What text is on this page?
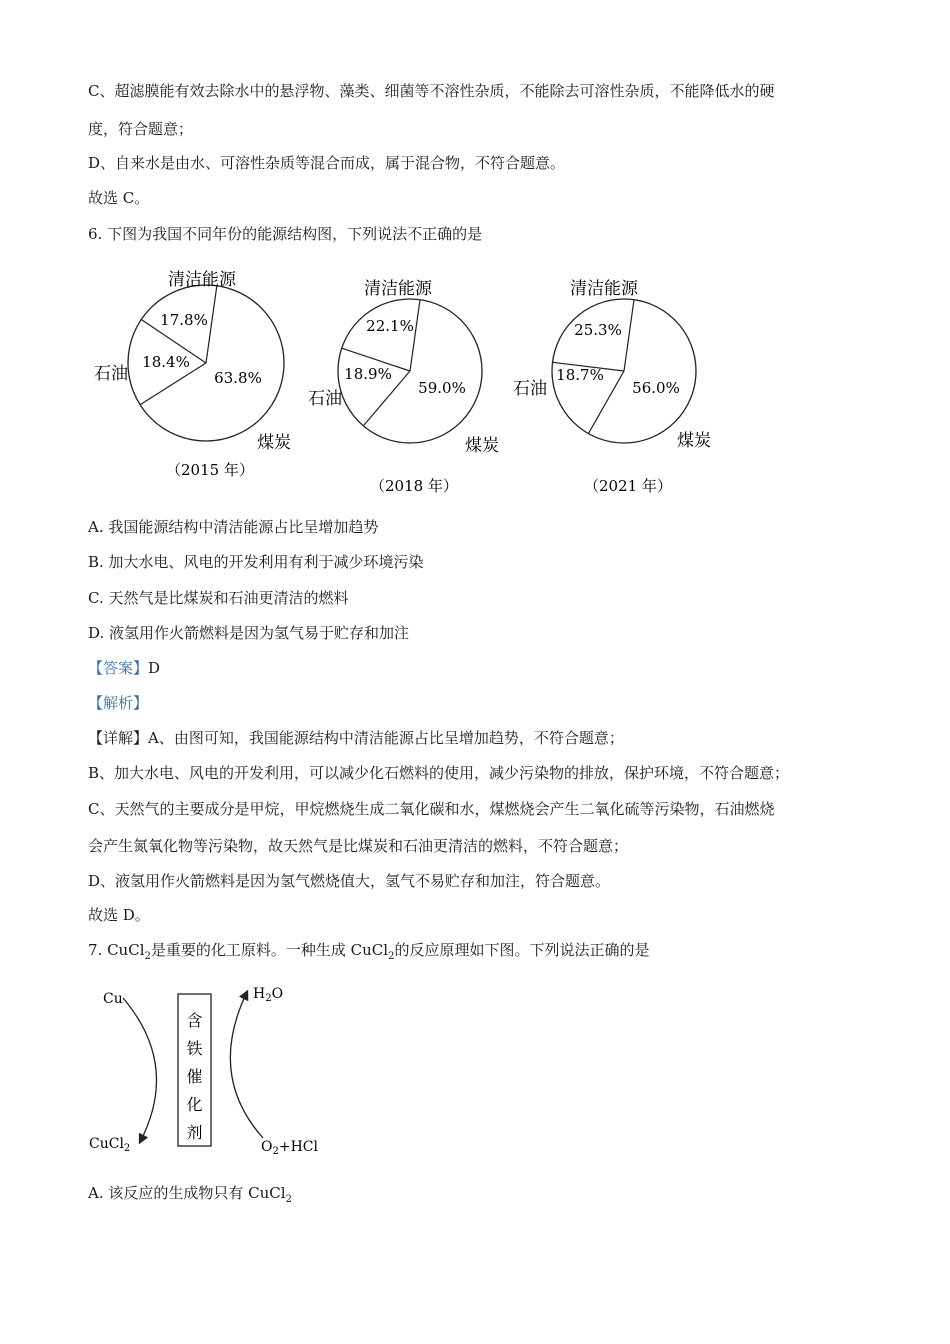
C、超滤膜能有效去除水中的悬浮物、藻类、细菌等不溶性杂质，不能除去可溶性杂质，不能降低水的硬
度，符合题意；
D、自来水是由水、可溶性杂质等混合而成，属于混合物，不符合题意。
故选 C。
6. 下图为我国不同年份的能源结构图，下列说法不正确的是
17.8%
18.4%
63.8%
清洁能源
石油
煤炭
（2015 年）
22.1%
18.9%
59.0%
清洁能源
石油
煤炭
（2018 年）
25.3%
18.7%
56.0%
清洁能源
石油
煤炭
（2021 年）
A. 我国能源结构中清洁能源占比呈增加趋势
B. 加大水电、风电的开发利用有利于减少环境污染
C. 天然气是比煤炭和石油更清洁的燃料
D. 液氢用作火箭燃料是因为氢气易于贮存和加注
【答案】D
【解析】
【详解】A、由图可知，我国能源结构中清洁能源占比呈增加趋势，不符合题意；
B、加大水电、风电的开发利用，可以减少化石燃料的使用，减少污染物的排放，保护环境，不符合题意；
C、天然气的主要成分是甲烷，甲烷燃烧生成二氧化碳和水，煤燃烧会产生二氧化硫等污染物，石油燃烧
会产生氮氧化物等污染物，故天然气是比煤炭和石油更清洁的燃料，不符合题意；
D、液氢用作火箭燃料是因为氢气燃烧值大，氢气不易贮存和加注，符合题意。
故选 D。
7. CuCl$_2$是重要的化工原料。一种生成 CuCl$_2$的反应原理如下图。下列说法正确的是
Cu	$H_2O$
CuCl$_2$	$O_2+HCl$
含
铁
催
化
剂
A. 该反应的生成物只有 CuCl$_2$
